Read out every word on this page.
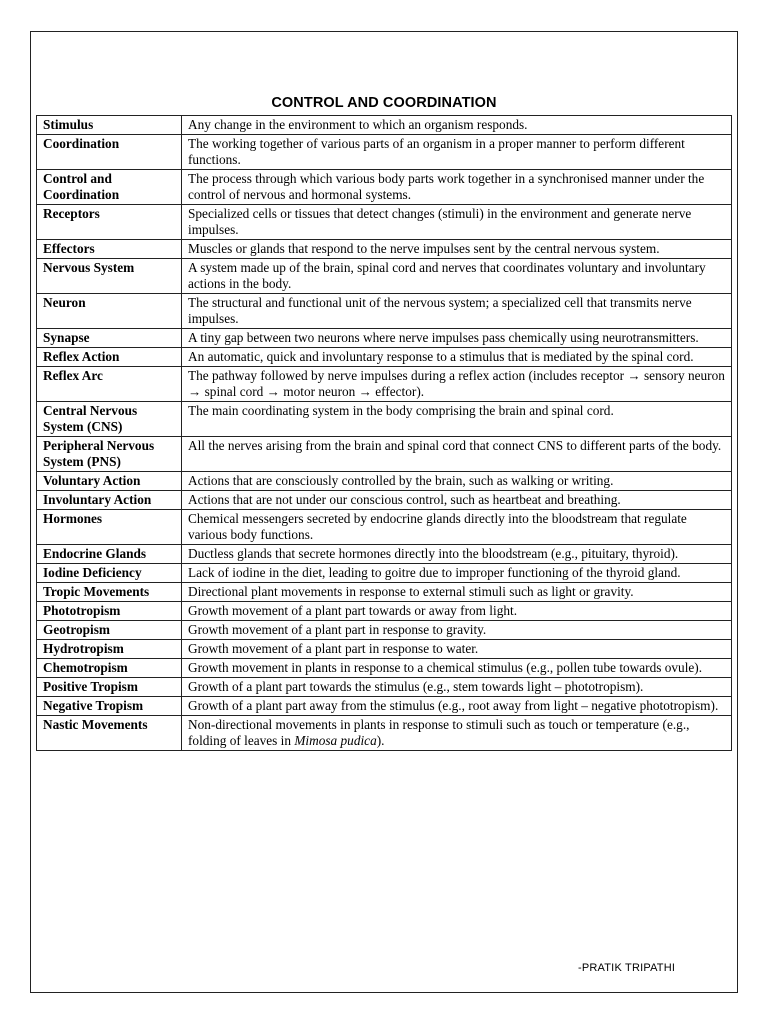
CONTROL AND COORDINATION
Stimulus	Any change in the environment to which an organism responds.
Coordination	The working together of various parts of an organism in a proper manner to perform different functions.
Control and Coordination	The process through which various body parts work together in a synchronised manner under the control of nervous and hormonal systems.
Receptors	Specialized cells or tissues that detect changes (stimuli) in the environment and generate nerve impulses.
Effectors	Muscles or glands that respond to the nerve impulses sent by the central nervous system.
Nervous System	A system made up of the brain, spinal cord and nerves that coordinates voluntary and involuntary actions in the body.
Neuron	The structural and functional unit of the nervous system; a specialized cell that transmits nerve impulses.
Synapse	A tiny gap between two neurons where nerve impulses pass chemically using neurotransmitters.
Reflex Action	An automatic, quick and involuntary response to a stimulus that is mediated by the spinal cord.
Reflex Arc	The pathway followed by nerve impulses during a reflex action (includes receptor → sensory neuron → spinal cord → motor neuron → effector).
Central Nervous System (CNS)	The main coordinating system in the body comprising the brain and spinal cord.
Peripheral Nervous System (PNS)	All the nerves arising from the brain and spinal cord that connect CNS to different parts of the body.
Voluntary Action	Actions that are consciously controlled by the brain, such as walking or writing.
Involuntary Action	Actions that are not under our conscious control, such as heartbeat and breathing.
Hormones	Chemical messengers secreted by endocrine glands directly into the bloodstream that regulate various body functions.
Endocrine Glands	Ductless glands that secrete hormones directly into the bloodstream (e.g., pituitary, thyroid).
Iodine Deficiency	Lack of iodine in the diet, leading to goitre due to improper functioning of the thyroid gland.
Tropic Movements	Directional plant movements in response to external stimuli such as light or gravity.
Phototropism	Growth movement of a plant part towards or away from light.
Geotropism	Growth movement of a plant part in response to gravity.
Hydrotropism	Growth movement of a plant part in response to water.
Chemotropism	Growth movement in plants in response to a chemical stimulus (e.g., pollen tube towards ovule).
Positive Tropism	Growth of a plant part towards the stimulus (e.g., stem towards light – phototropism).
Negative Tropism	Growth of a plant part away from the stimulus (e.g., root away from light – negative phototropism).
Nastic Movements	Non-directional movements in plants in response to stimuli such as touch or temperature (e.g., folding of leaves in Mimosa pudica).
-PRATIK TRIPATHI
